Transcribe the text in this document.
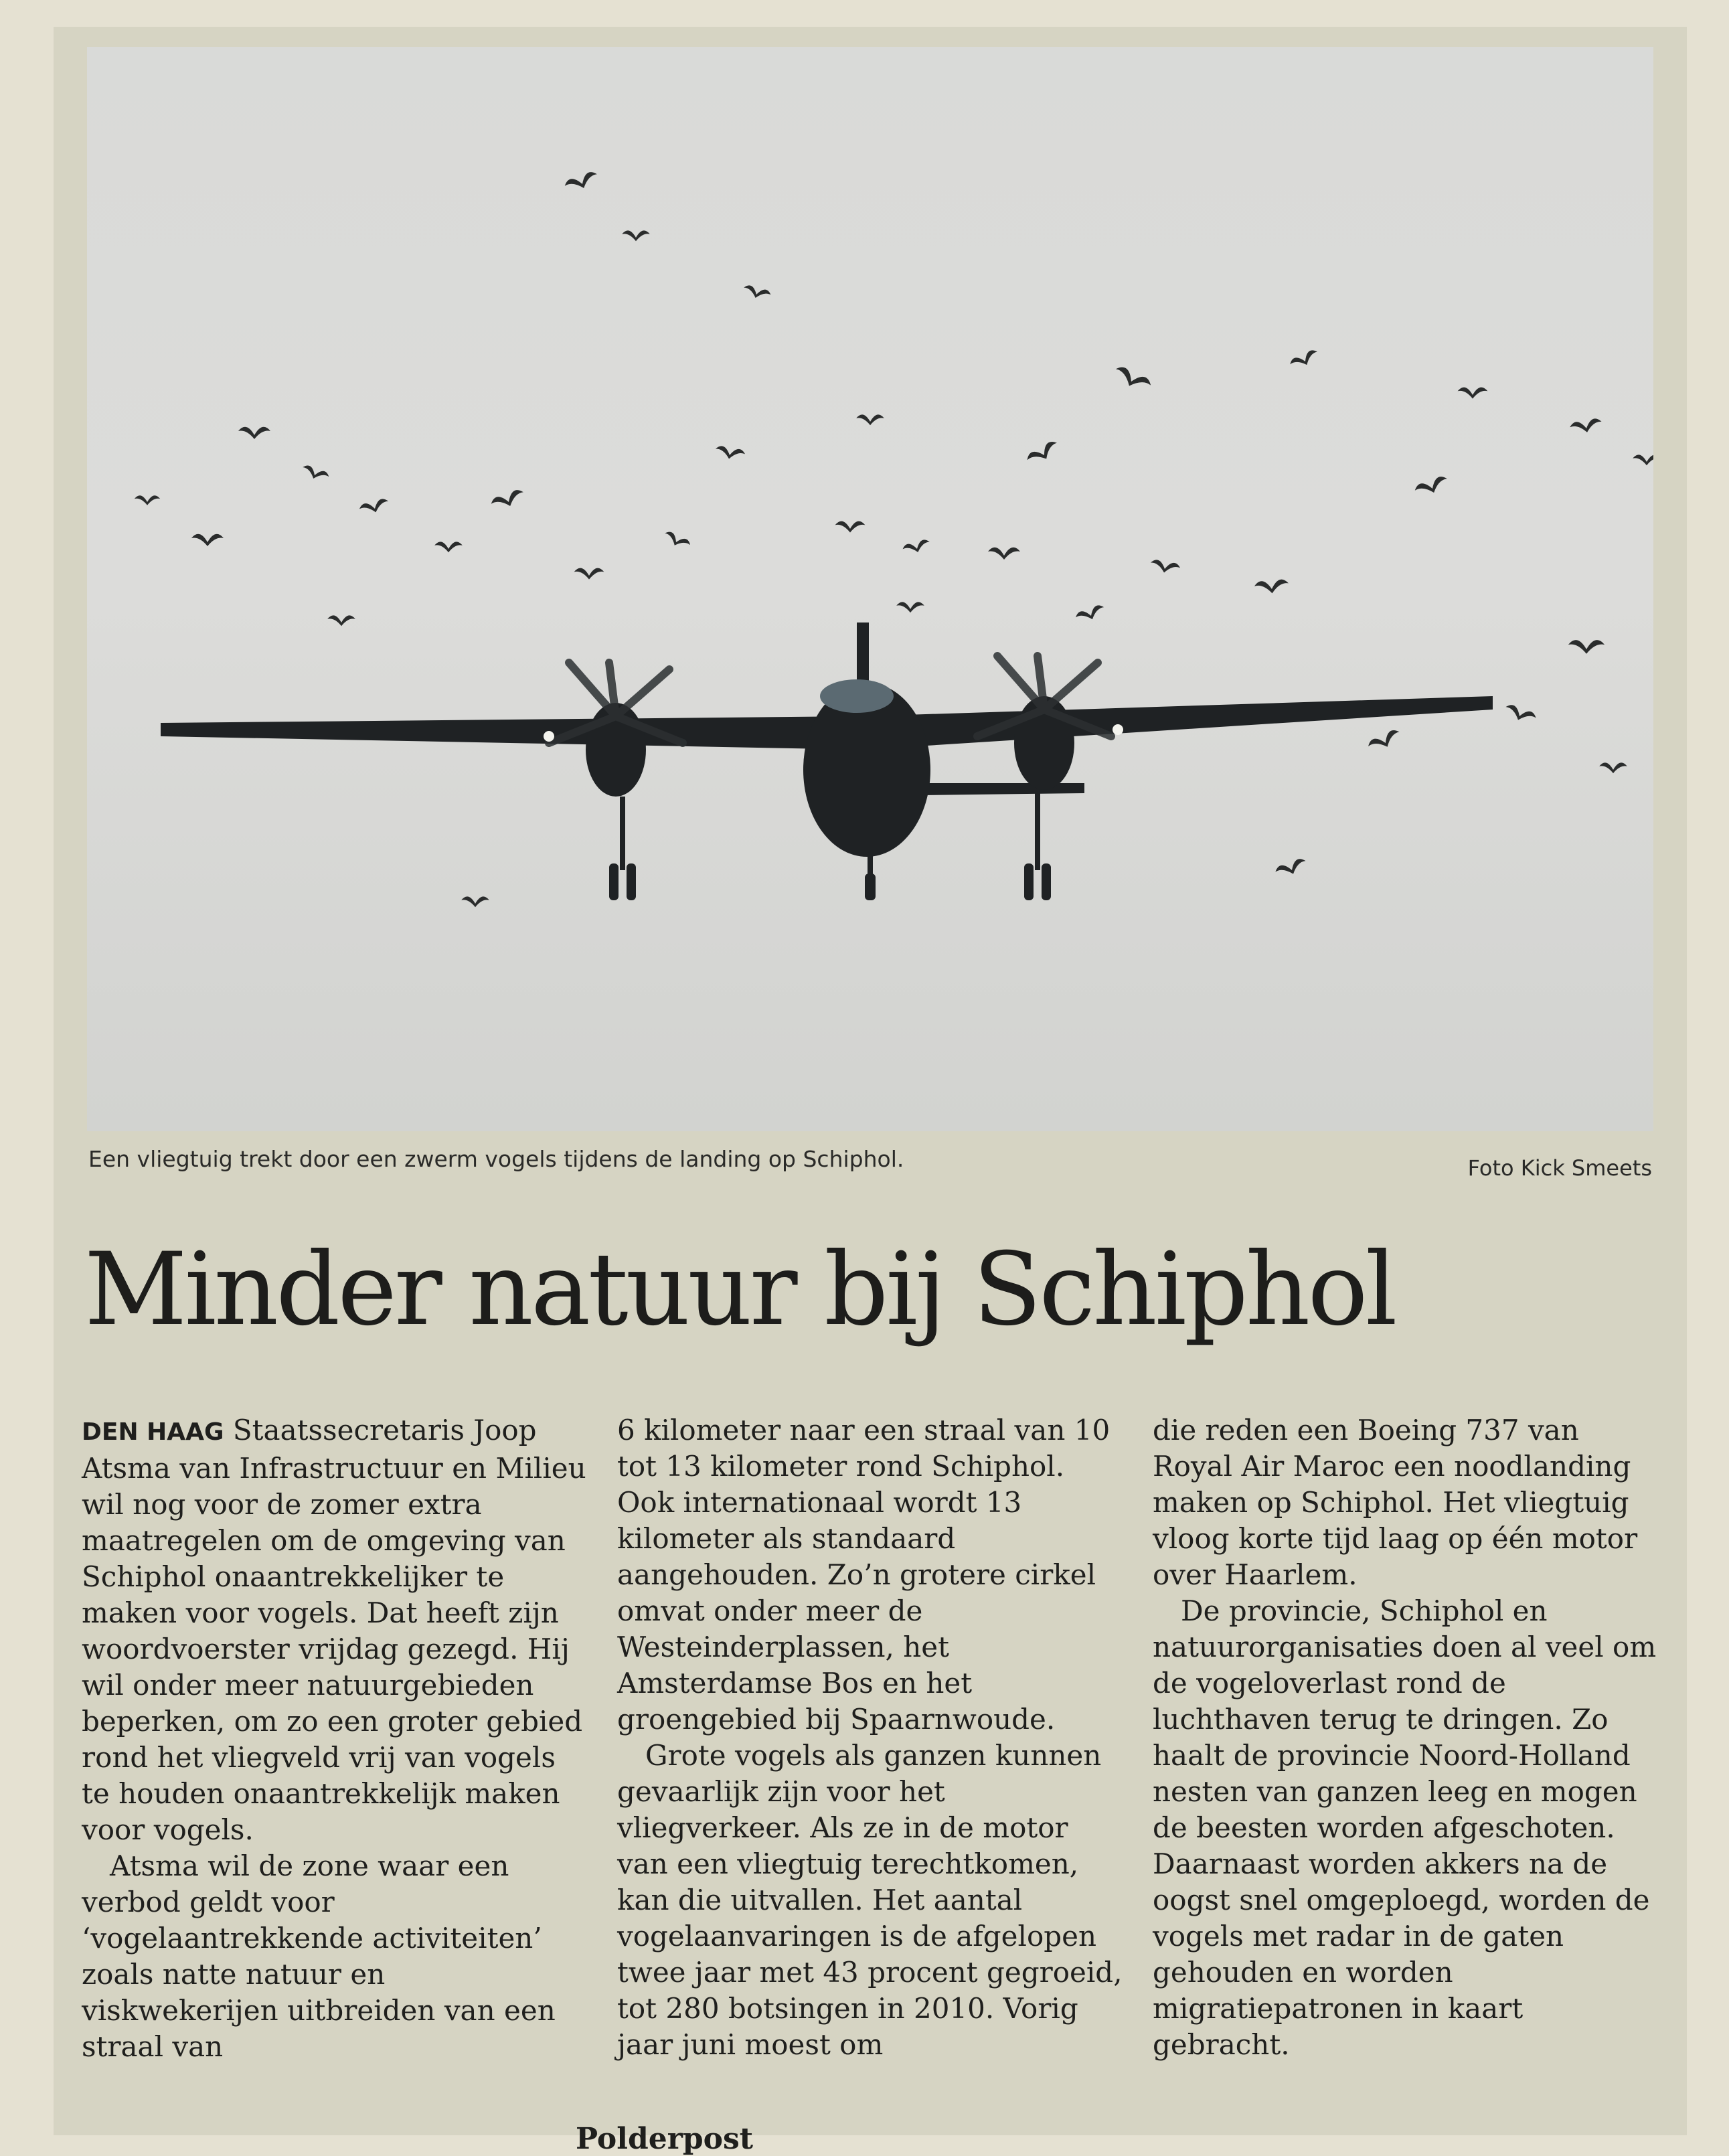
Een vliegtuig trekt door een zwerm vogels tijdens de landing op Schiphol.	Foto Kick Smeets
Minder natuur bij Schiphol

DEN HAAG Staatssecretaris Joop Atsma van Infrastructuur en Milieu wil nog voor de zomer extra maatregelen om de omgeving van Schiphol onaantrekkelijker te maken voor vogels. Dat heeft zijn woordvoerster vrijdag gezegd. Hij wil onder meer natuurgebieden beperken, om zo een groter gebied rond het vliegveld vrij van vogels te houden onaantrekkelijk maken voor vogels.

Atsma wil de zone waar een verbod geldt voor ‘vogelaantrekkende activiteiten’ zoals natte natuur en viskwekerijen uitbreiden van een straal van

6 kilometer naar een straal van 10 tot 13 kilometer rond Schiphol. Ook internationaal wordt 13 kilometer als standaard aangehouden. Zo’n grotere cirkel omvat onder meer de Westeinderplassen, het Amsterdamse Bos en het groengebied bij Spaarnwoude.

Grote vogels als ganzen kunnen gevaarlijk zijn voor het vliegverkeer. Als ze in de motor van een vliegtuig terechtkomen, kan die uitvallen. Het aantal vogelaanvaringen is de afgelopen twee jaar met 43 procent gegroeid, tot 280 botsingen in 2010. Vorig jaar juni moest om

die reden een Boeing 737 van Royal Air Maroc een noodlanding maken op Schiphol. Het vliegtuig vloog korte tijd laag op één motor over Haarlem.

De provincie, Schiphol en natuurorganisaties doen al veel om de vogeloverlast rond de luchthaven terug te dringen. Zo haalt de provincie Noord-Holland nesten van ganzen leeg en mogen de beesten worden afgeschoten. Daarnaast worden akkers na de oogst snel omgeploegd, worden de vogels met radar in de gaten gehouden en worden migratiepatronen in kaart gebracht.

Polderpost
